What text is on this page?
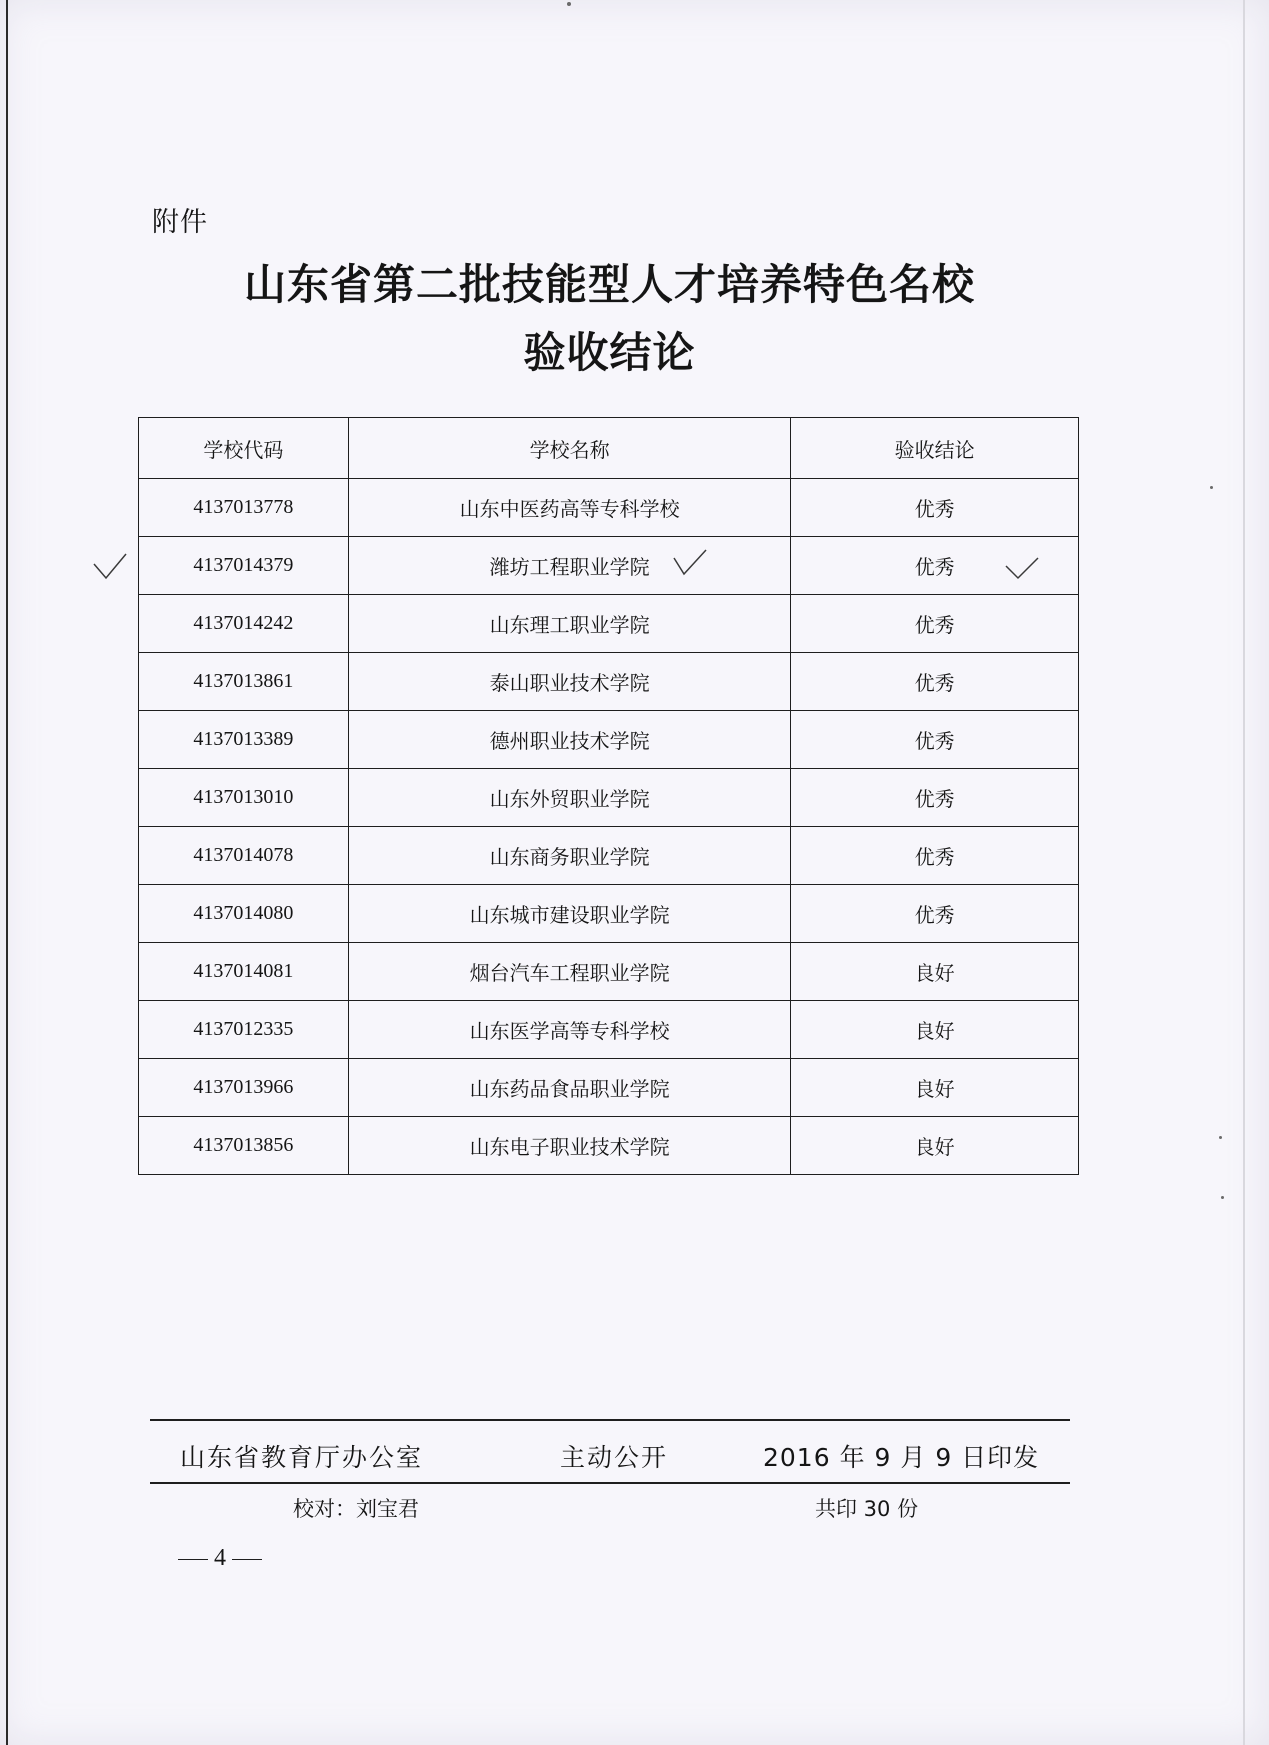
附件
山东省第二批技能型人才培养特色名校
验收结论
学校代码	学校名称	验收结论
4137013778	山东中医药高等专科学校	优秀
4137014379	潍坊工程职业学院	优秀
4137014242	山东理工职业学院	优秀
4137013861	泰山职业技术学院	优秀
4137013389	德州职业技术学院	优秀
4137013010	山东外贸职业学院	优秀
4137014078	山东商务职业学院	优秀
4137014080	山东城市建设职业学院	优秀
4137014081	烟台汽车工程职业学院	良好
4137012335	山东医学高等专科学校	良好
4137013966	山东药品食品职业学院	良好
4137013856	山东电子职业技术学院	良好
山东省教育厅办公室	主动公开	2016 年 9 月 9 日印发
校对：刘宝君	共印 30 份
4
